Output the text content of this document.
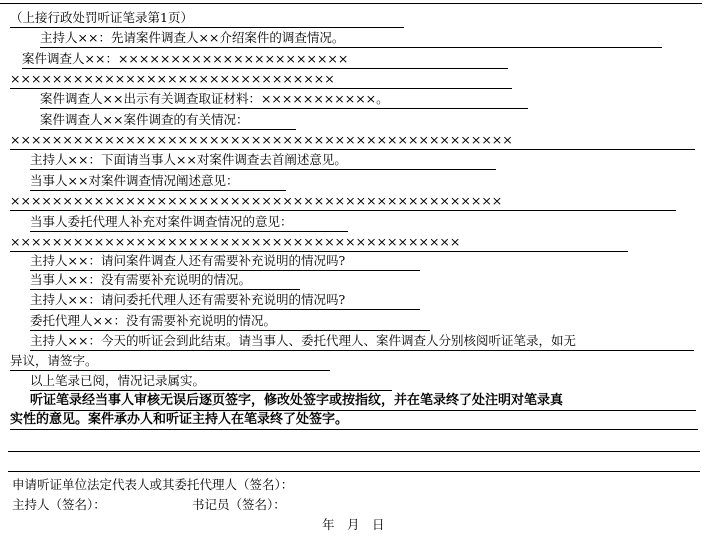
（上接行政处罚听证笔录第1页）
主持人××：先请案件调查人××介绍案件的调查情况。
案件调查人××：××××××××××××××××××××××
×××××××××××××××××××××××××××××××
案件调查人××出示有关调查取证材料：×××××××××××。
案件调查人××案件调查的有关情况：
××××××××××××××××××××××××××××××××××××××××××××××××
主持人××：下面请当事人××对案件调查去首阐述意见。
当事人××对案件调查情况阐述意见：
×××××××××××××××××××××××××××××××××××××××××××××××
当事人委托代理人补充对案件调查情况的意见：
×××××××××××××××××××××××××××××××××××××××××××
主持人××：请问案件调查人还有需要补充说明的情况吗?
当事人××：没有需要补充说明的情况。
主持人××：请问委托代理人还有需要补充说明的情况吗?
委托代理人××：没有需要补充说明的情况。
主持人××：今天的听证会到此结束。请当事人、委托代理人、案件调查人分别核阅听证笔录，如无
异议，请签字。
以上笔录已阅，情况记录属实。
听证笔录经当事人审核无误后逐页签字，修改处签字或按指纹，并在笔录终了处注明对笔录真
实性的意见。案件承办人和听证主持人在笔录终了处签字。
申请听证单位法定代表人或其委托代理人（签名）：
主持人（签名）：	书记员（签名）：
年　月　日
